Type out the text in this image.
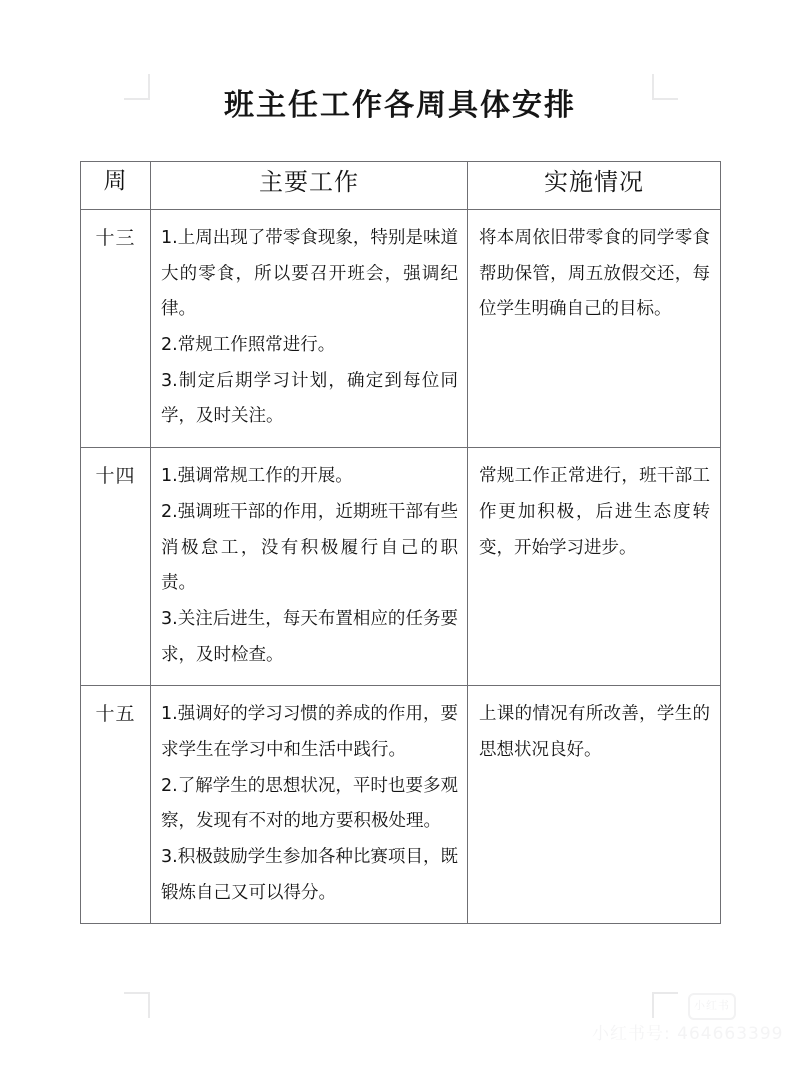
班主任工作各周具体安排
周	主要工作	实施情况
十三	1.上周出现了带零食现象，特别是味道大的零食，所以要召开班会，强调纪律。

2.常规工作照常进行。

3.制定后期学习计划，确定到每位同学，及时关注。	将本周依旧带零食的同学零食帮助保管，周五放假交还，每位学生明确自己的目标。

十四	1.强调常规工作的开展。

2.强调班干部的作用，近期班干部有些消极怠工，没有积极履行自己的职责。

3.关注后进生，每天布置相应的任务要求，及时检查。	常规工作正常进行，班干部工作更加积极，后进生态度转变，开始学习进步。

十五	1.强调好的学习习惯的养成的作用，要求学生在学习中和生活中践行。

2.了解学生的思想状况，平时也要多观察，发现有不对的地方要积极处理。

3.积极鼓励学生参加各种比赛项目，既锻炼自己又可以得分。	上课的情况有所改善，学生的思想状况良好。

小红书
小红书号: 464663399
